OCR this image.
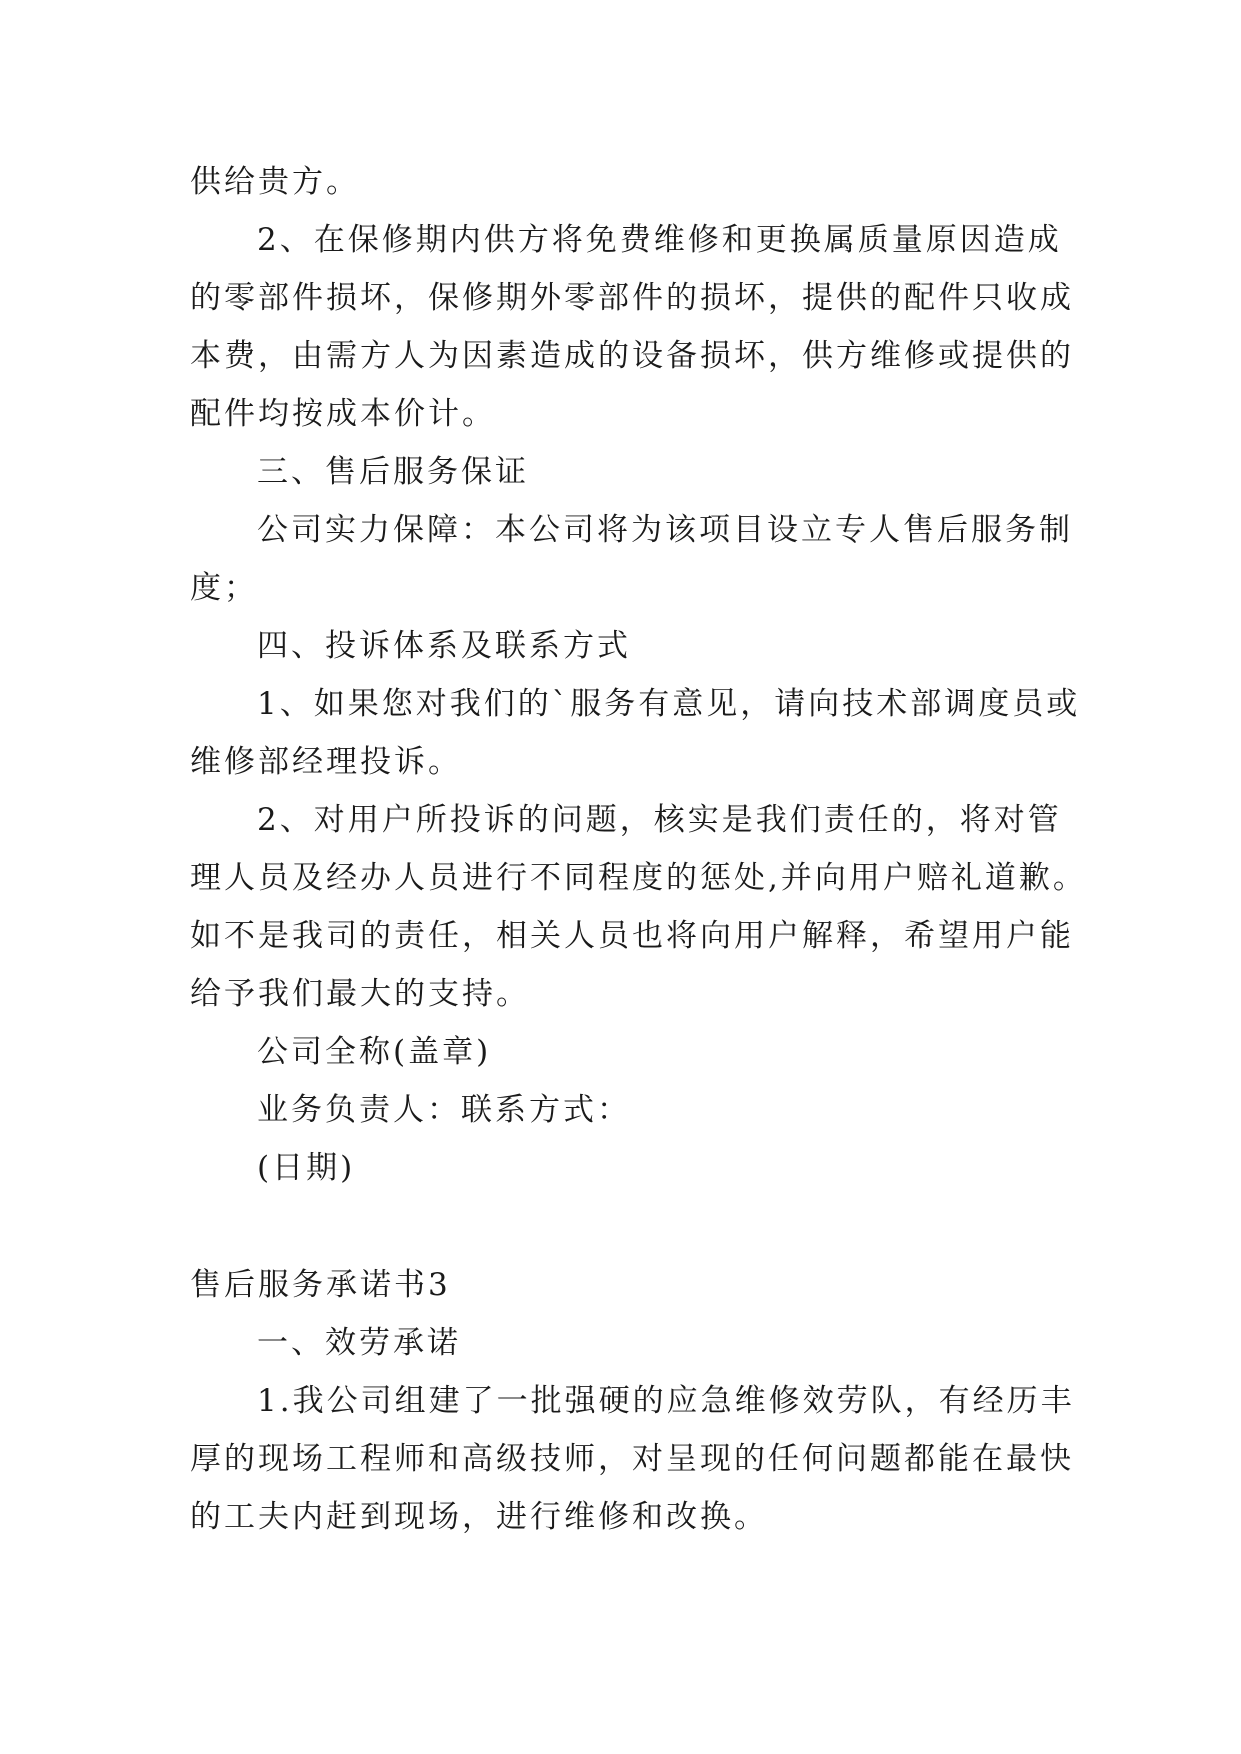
供给贵方。
2、在保修期内供方将免费维修和更换属质量原因造成
的零部件损坏，保修期外零部件的损坏，提供的配件只收成
本费，由需方人为因素造成的设备损坏，供方维修或提供的
配件均按成本价计。
三、售后服务保证
公司实力保障：本公司将为该项目设立专人售后服务制
度；
四、投诉体系及联系方式
1、如果您对我们的`服务有意见，请向技术部调度员或
维修部经理投诉。
2、对用户所投诉的问题，核实是我们责任的，将对管
理人员及经办人员进行不同程度的惩处,并向用户赔礼道歉。
如不是我司的责任，相关人员也将向用户解释，希望用户能
给予我们最大的支持。
公司全称(盖章)
业务负责人：联系方式：
(日期)
售后服务承诺书3
一、效劳承诺
1.我公司组建了一批强硬的应急维修效劳队，有经历丰
厚的现场工程师和高级技师，对呈现的任何问题都能在最快
的工夫内赶到现场，进行维修和改换。
